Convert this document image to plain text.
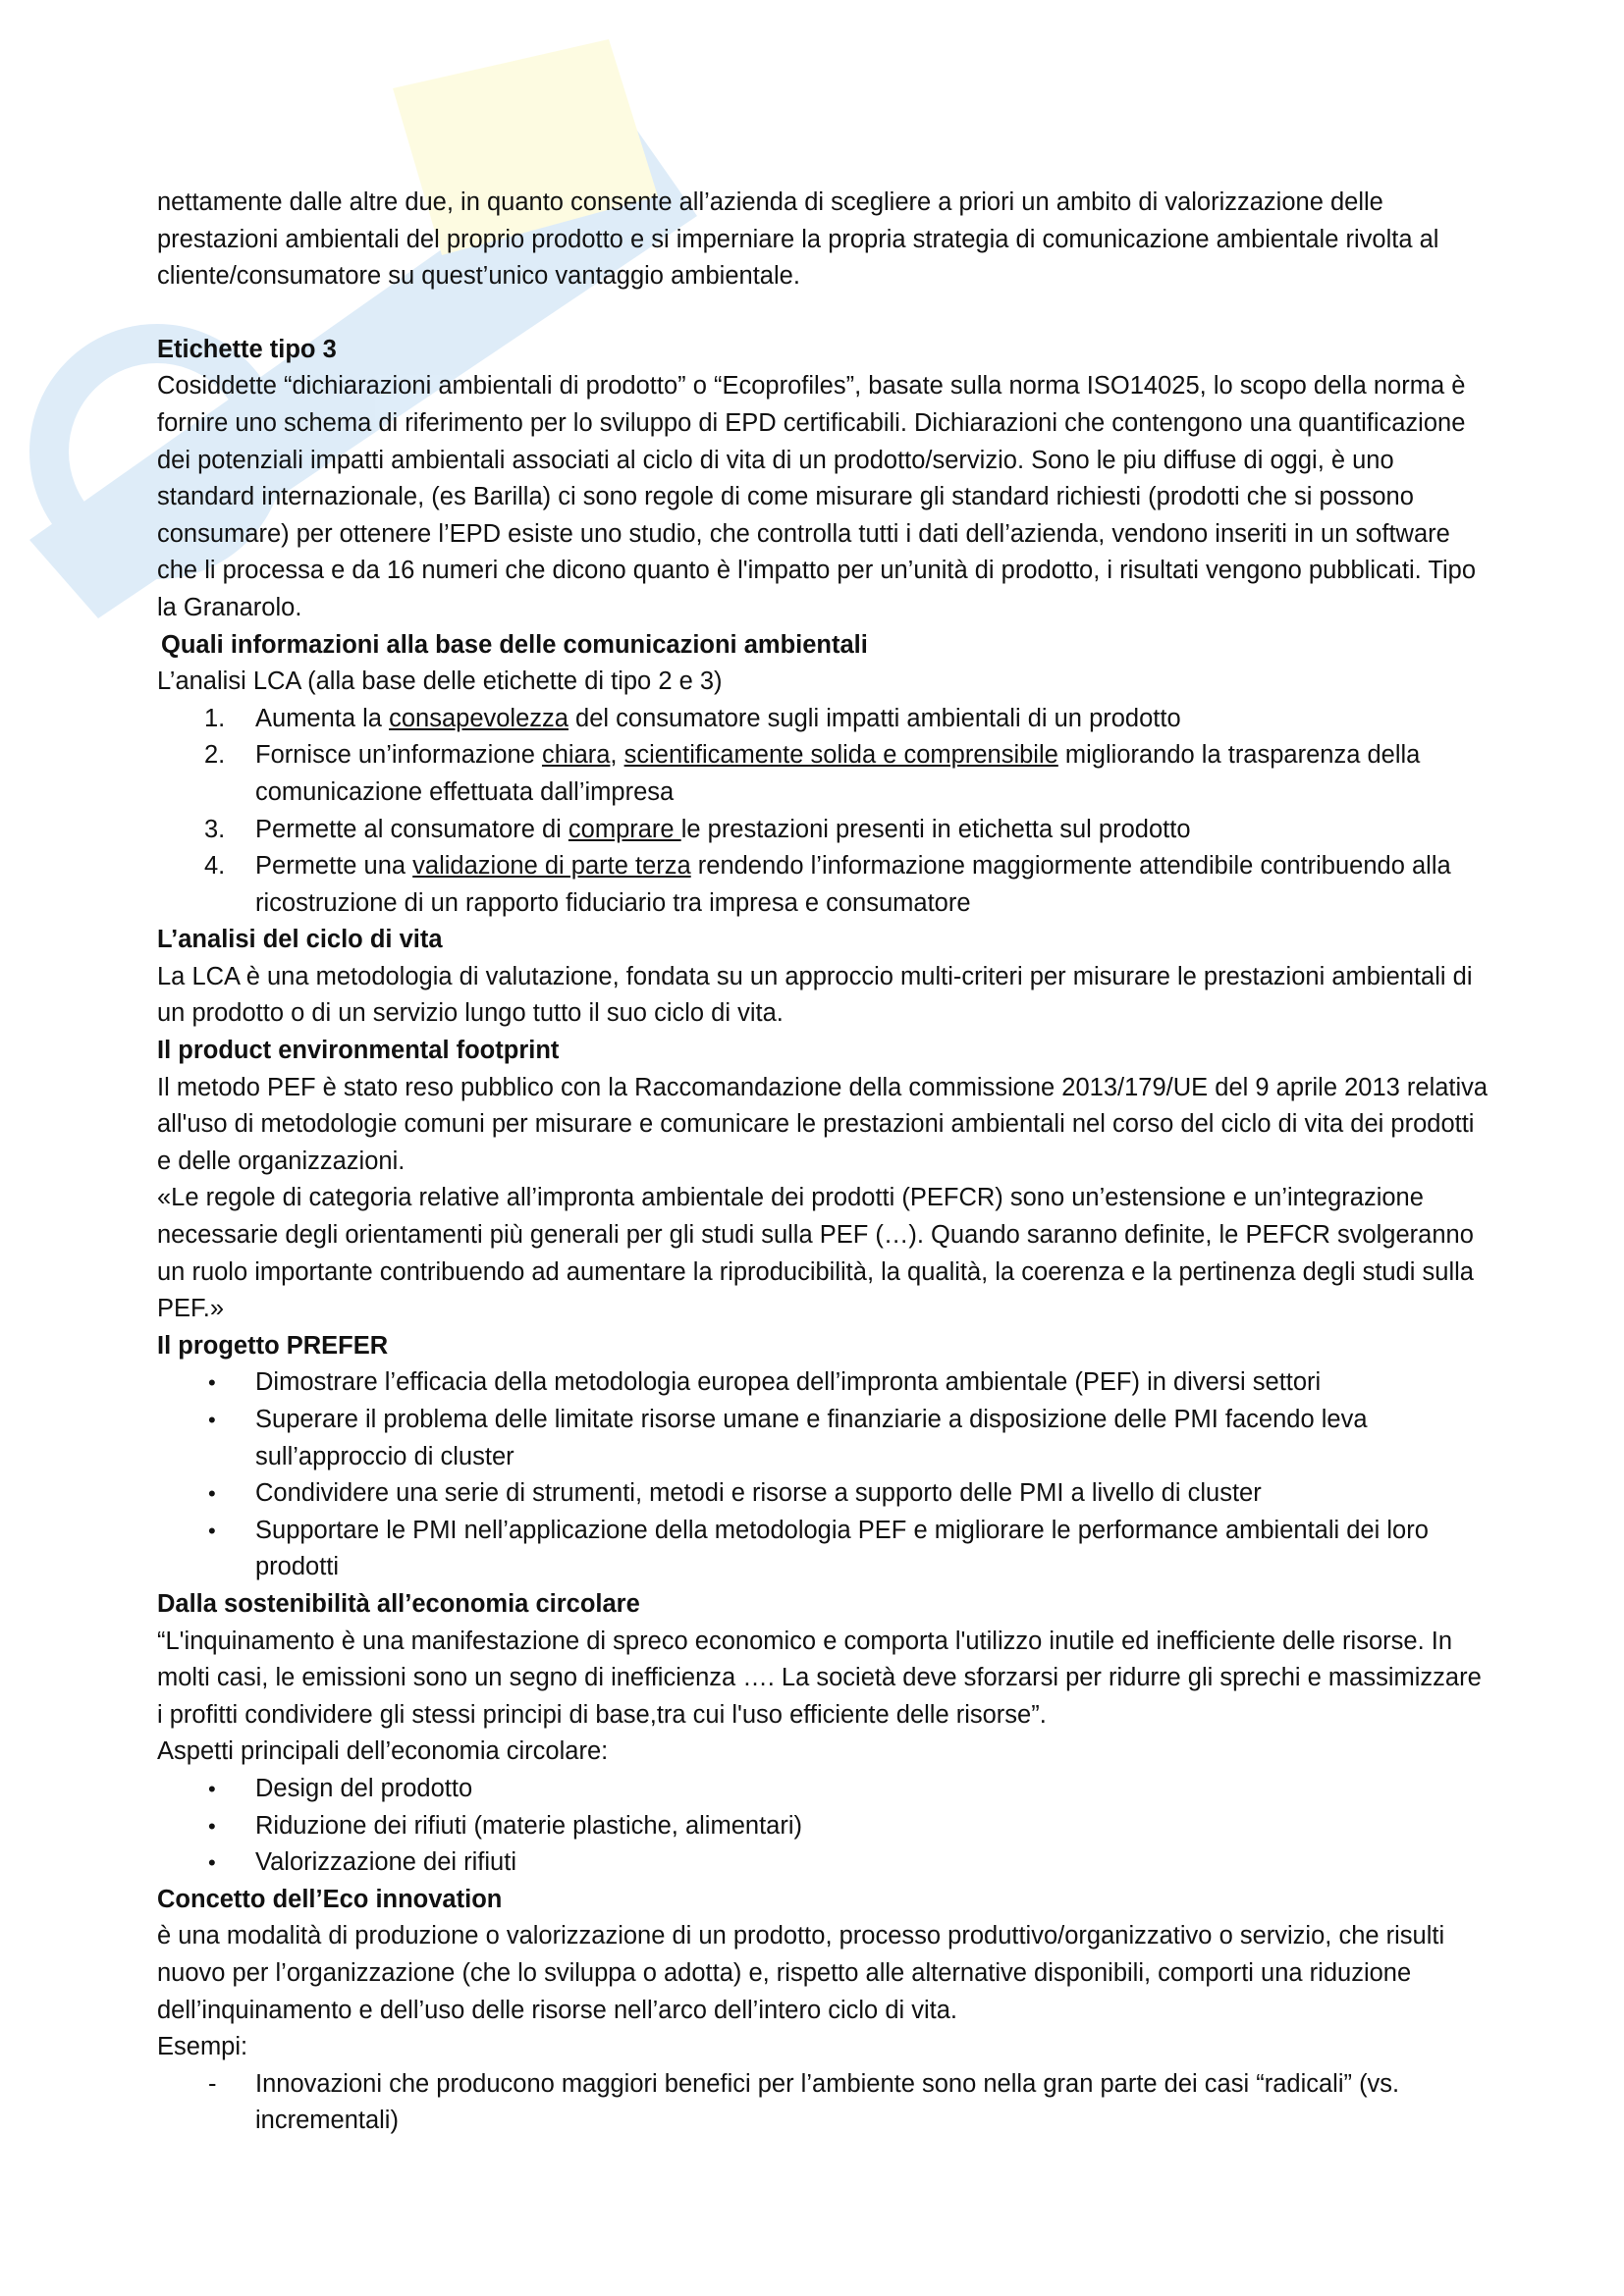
nettamente dalle altre due, in quanto consente all’azienda di scegliere a priori un ambito di valorizzazione delle prestazioni ambientali del proprio prodotto e si imperniare la propria strategia di comunicazione ambientale rivolta al cliente/consumatore su quest’unico vantaggio ambientale.

Etichette tipo 3

Cosiddette “dichiarazioni ambientali di prodotto” o “Ecoprofiles”, basate sulla norma ISO14025, lo scopo della norma è fornire uno schema di riferimento per lo sviluppo di EPD certificabili. Dichiarazioni che contengono una quantificazione dei potenziali impatti ambientali associati al ciclo di vita di un prodotto/servizio. Sono le piu diffuse di oggi, è uno standard internazionale, (es Barilla) ci sono regole di come misurare gli standard richiesti (prodotti che si possono consumare) per ottenere l’EPD esiste uno studio, che controlla tutti i dati dell’azienda, vendono inseriti in un software che li processa e da 16 numeri che dicono quanto è l'impatto per un’unità di prodotto, i risultati vengono pubblicati. Tipo la Granarolo.

Quali informazioni alla base delle comunicazioni ambientali

L’analisi LCA (alla base delle etichette di tipo 2 e 3)

1. Aumenta la consapevolezza del consumatore sugli impatti ambientali di un prodotto
2. Fornisce un’informazione chiara, scientificamente solida e comprensibile migliorando la trasparenza della comunicazione effettuata dall’impresa
3. Permette al consumatore di comprare le prestazioni presenti in etichetta sul prodotto
4. Permette una validazione di parte terza rendendo l’informazione maggiormente attendibile contribuendo alla ricostruzione di un rapporto fiduciario tra impresa e consumatore

L’analisi del ciclo di vita

La LCA è una metodologia di valutazione, fondata su un approccio multi-criteri per misurare le prestazioni ambientali di un prodotto o di un servizio lungo tutto il suo ciclo di vita.

Il product environmental footprint

Il metodo PEF è stato reso pubblico con la Raccomandazione della commissione 2013/179/UE del 9 aprile 2013 relativa all'uso di metodologie comuni per misurare e comunicare le prestazioni ambientali nel corso del ciclo di vita dei prodotti e delle organizzazioni.

«Le regole di categoria relative all’impronta ambientale dei prodotti (PEFCR) sono un’estensione e un’integrazione necessarie degli orientamenti più generali per gli studi sulla PEF (…). Quando saranno definite, le PEFCR svolgeranno un ruolo importante contribuendo ad aumentare la riproducibilità, la qualità, la coerenza e la pertinenza degli studi sulla PEF.»

Il progetto PREFER

• Dimostrare l’efficacia della metodologia europea dell’impronta ambientale (PEF) in diversi settori
• Superare il problema delle limitate risorse umane e finanziarie a disposizione delle PMI facendo leva sull’approccio di cluster
• Condividere una serie di strumenti, metodi e risorse a supporto delle PMI a livello di cluster
• Supportare le PMI nell’applicazione della metodologia PEF e migliorare le performance ambientali dei loro prodotti

Dalla sostenibilità all’economia circolare

“L'inquinamento è una manifestazione di spreco economico e comporta l'utilizzo inutile ed inefficiente delle risorse. In molti casi, le emissioni sono un segno di inefficienza …. La società deve sforzarsi per ridurre gli sprechi e massimizzare i profitti condividere gli stessi principi di base,tra cui l'uso efficiente delle risorse”.

Aspetti principali dell’economia circolare:

• Design del prodotto
• Riduzione dei rifiuti (materie plastiche, alimentari)
• Valorizzazione dei rifiuti

Concetto dell’Eco innovation

è una modalità di produzione o valorizzazione di un prodotto, processo produttivo/organizzativo o servizio, che risulti nuovo per l’organizzazione (che lo sviluppa o adotta) e, rispetto alle alternative disponibili, comporti una riduzione dell’inquinamento e dell’uso delle risorse nell’arco dell’intero ciclo di vita.

Esempi:

- Innovazioni che producono maggiori benefici per l’ambiente sono nella gran parte dei casi “radicali” (vs. incrementali)
